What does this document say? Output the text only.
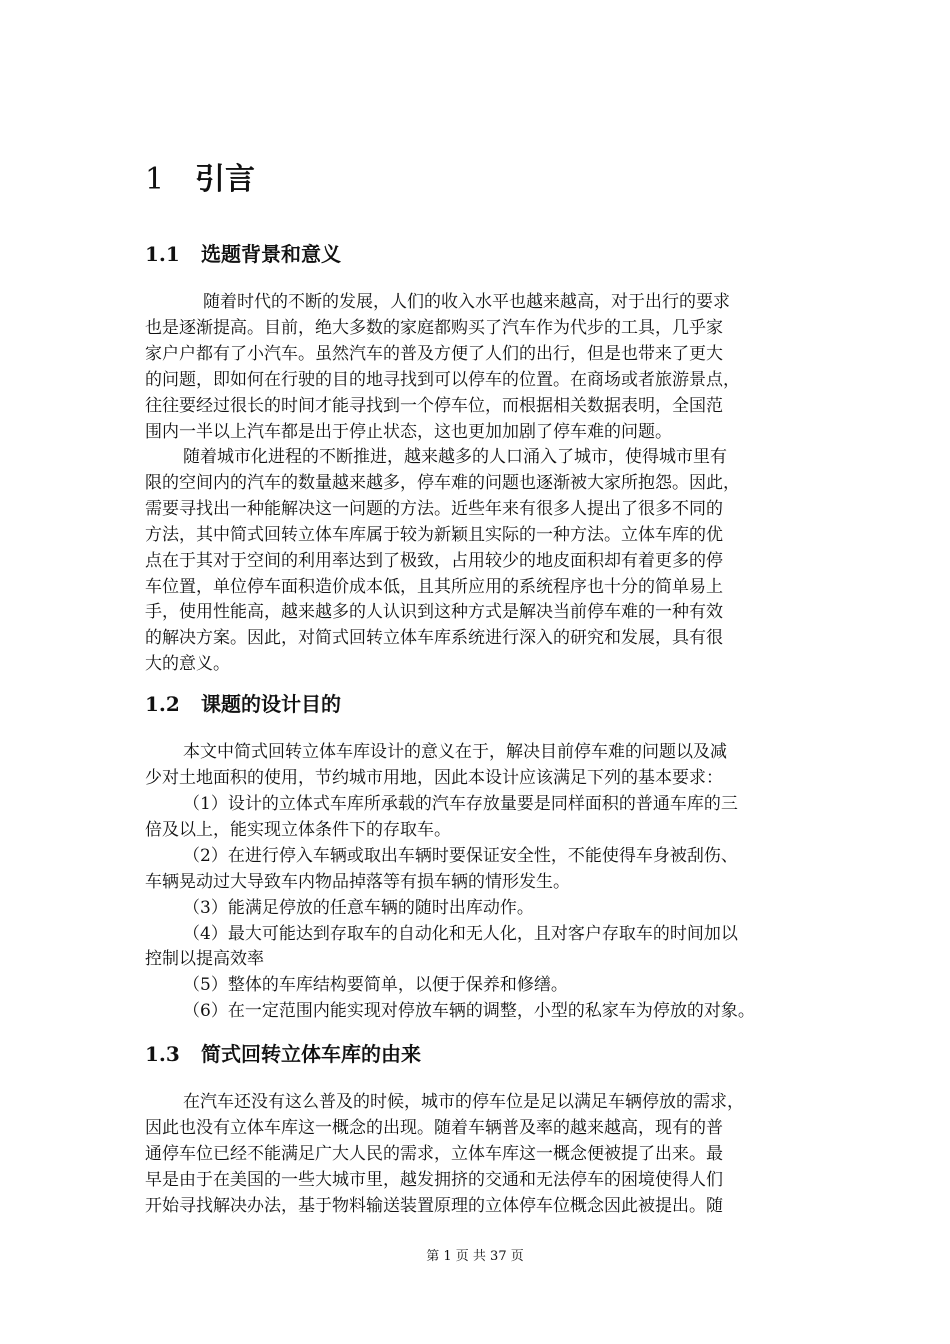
1 引言
1.1 选题背景和意义

随着时代的不断的发展，人们的收入水平也越来越高，对于出行的要求
也是逐渐提高。目前，绝大多数的家庭都购买了汽车作为代步的工具，几乎家
家户户都有了小汽车。虽然汽车的普及方便了人们的出行，但是也带来了更大
的问题，即如何在行驶的目的地寻找到可以停车的位置。在商场或者旅游景点，
往往要经过很长的时间才能寻找到一个停车位，而根据相关数据表明，全国范
围内一半以上汽车都是出于停止状态，这也更加加剧了停车难的问题。

随着城市化进程的不断推进，越来越多的人口涌入了城市，使得城市里有
限的空间内的汽车的数量越来越多，停车难的问题也逐渐被大家所抱怨。因此，
需要寻找出一种能解决这一问题的方法。近些年来有很多人提出了很多不同的
方法，其中简式回转立体车库属于较为新颖且实际的一种方法。立体车库的优
点在于其对于空间的利用率达到了极致，占用较少的地皮面积却有着更多的停
车位置，单位停车面积造价成本低，且其所应用的系统程序也十分的简单易上
手，使用性能高，越来越多的人认识到这种方式是解决当前停车难的一种有效
的解决方案。因此，对简式回转立体车库系统进行深入的研究和发展，具有很
大的意义。

1.2 课题的设计目的

本文中简式回转立体车库设计的意义在于，解决目前停车难的问题以及减
少对土地面积的使用，节约城市用地，因此本设计应该满足下列的基本要求：

（1）设计的立体式车库所承载的汽车存放量要是同样面积的普通车库的三
倍及以上，能实现立体条件下的存取车。
（2）在进行停入车辆或取出车辆时要保证安全性，不能使得车身被刮伤、
车辆晃动过大导致车内物品掉落等有损车辆的情形发生。
（3）能满足停放的任意车辆的随时出库动作。
（4）最大可能达到存取车的自动化和无人化，且对客户存取车的时间加以
控制以提高效率
（5）整体的车库结构要简单，以便于保养和修缮。
（6）在一定范围内能实现对停放车辆的调整，小型的私家车为停放的对象。

1.3 简式回转立体车库的由来

在汽车还没有这么普及的时候，城市的停车位是足以满足车辆停放的需求，
因此也没有立体车库这一概念的出现。随着车辆普及率的越来越高，现有的普
通停车位已经不能满足广大人民的需求，立体车库这一概念便被提了出来。最
早是由于在美国的一些大城市里，越发拥挤的交通和无法停车的困境使得人们
开始寻找解决办法，基于物料输送装置原理的立体停车位概念因此被提出。随

第 1 页 共 37 页
